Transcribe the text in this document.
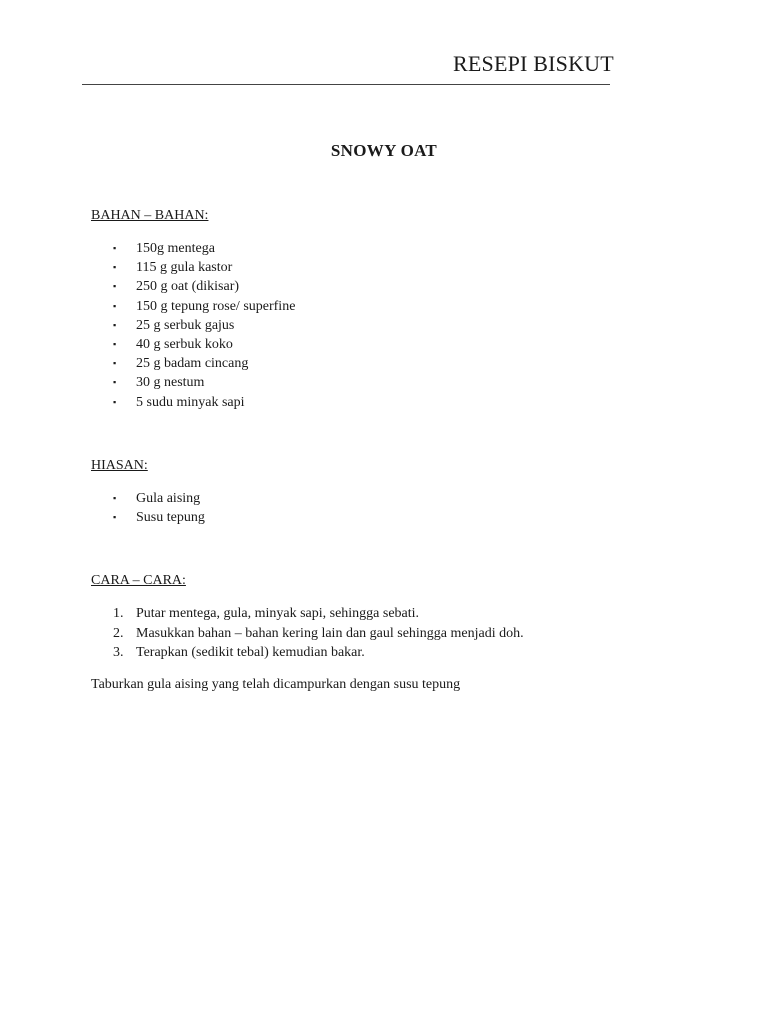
RESEPI BISKUT
SNOWY OAT
BAHAN – BAHAN:
▪ 150g mentega
▪ 115 g gula kastor
▪ 250 g oat (dikisar)
▪ 150 g tepung rose/ superfine
▪ 25 g serbuk gajus
▪ 40 g serbuk koko
▪ 25 g badam cincang
▪ 30 g nestum
▪ 5 sudu minyak sapi
HIASAN:
▪ Gula aising
▪ Susu tepung
CARA – CARA:
1. Putar mentega, gula, minyak sapi, sehingga sebati.
2. Masukkan bahan – bahan kering lain dan gaul sehingga menjadi doh.
3. Terapkan (sedikit tebal) kemudian bakar.
Taburkan gula aising yang telah dicampurkan dengan susu tepung
